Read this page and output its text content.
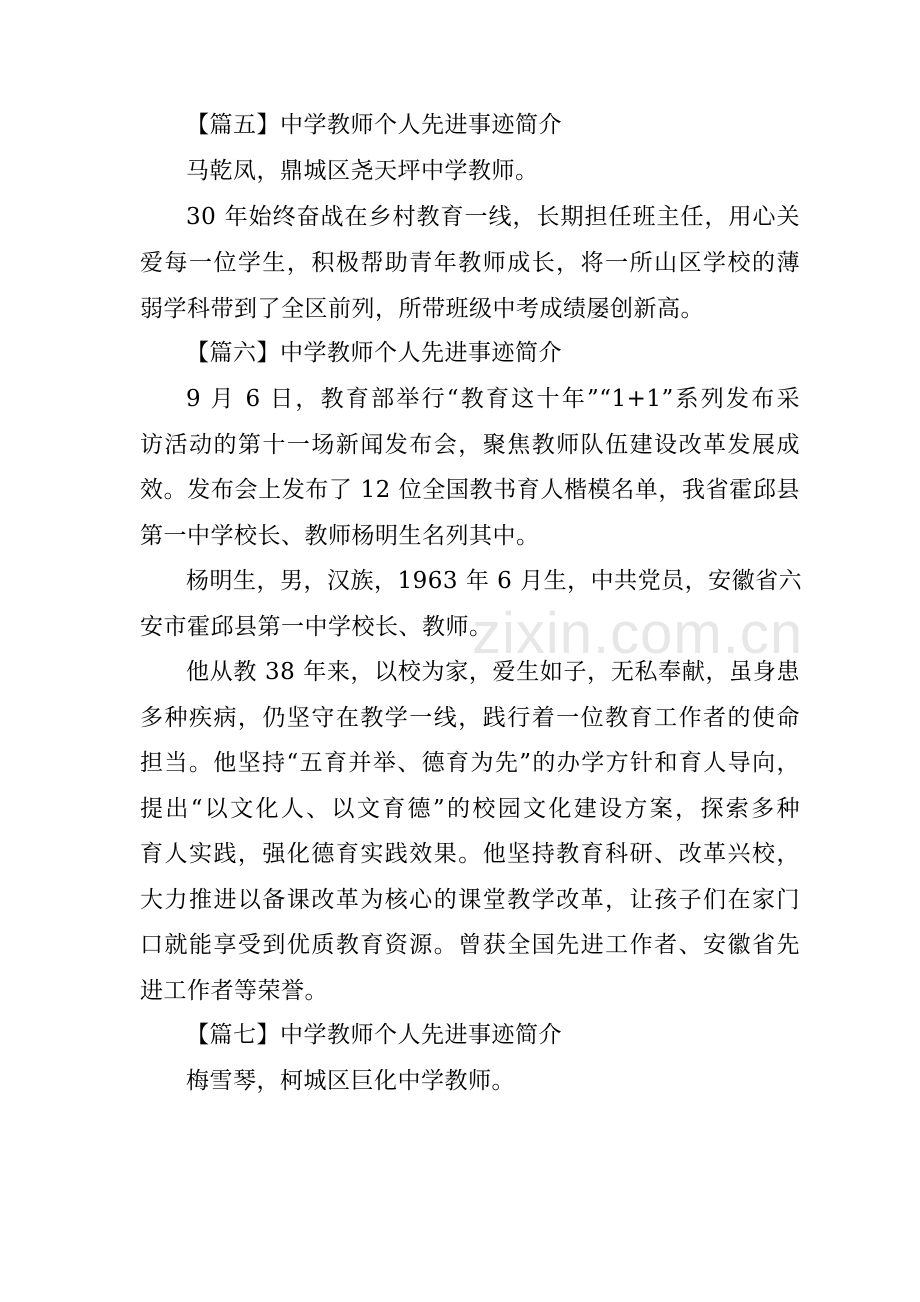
【篇五】中学教师个人先进事迹简介
马乾凤，鼎城区尧天坪中学教师。
30 年始终奋战在乡村教育一线，长期担任班主任，用心关
爱每一位学生，积极帮助青年教师成长，将一所山区学校的薄
弱学科带到了全区前列，所带班级中考成绩屡创新高。
【篇六】中学教师个人先进事迹简介
9 月 6 日，教育部举行“教育这十年”“1+1”系列发布采
访活动的第十一场新闻发布会，聚焦教师队伍建设改革发展成
效。发布会上发布了 12 位全国教书育人楷模名单，我省霍邱县
第一中学校长、教师杨明生名列其中。
杨明生，男，汉族，1963 年 6 月生，中共党员，安徽省六
安市霍邱县第一中学校长、教师。
他从教 38 年来，以校为家，爱生如子，无私奉献，虽身患
多种疾病，仍坚守在教学一线，践行着一位教育工作者的使命
担当。他坚持“五育并举、德育为先”的办学方针和育人导向，
提出“以文化人、以文育德”的校园文化建设方案，探索多种
育人实践，强化德育实践效果。他坚持教育科研、改革兴校，
大力推进以备课改革为核心的课堂教学改革，让孩子们在家门
口就能享受到优质教育资源。曾获全国先进工作者、安徽省先
进工作者等荣誉。
【篇七】中学教师个人先进事迹简介
梅雪琴，柯城区巨化中学教师。
zixin.com.cn
